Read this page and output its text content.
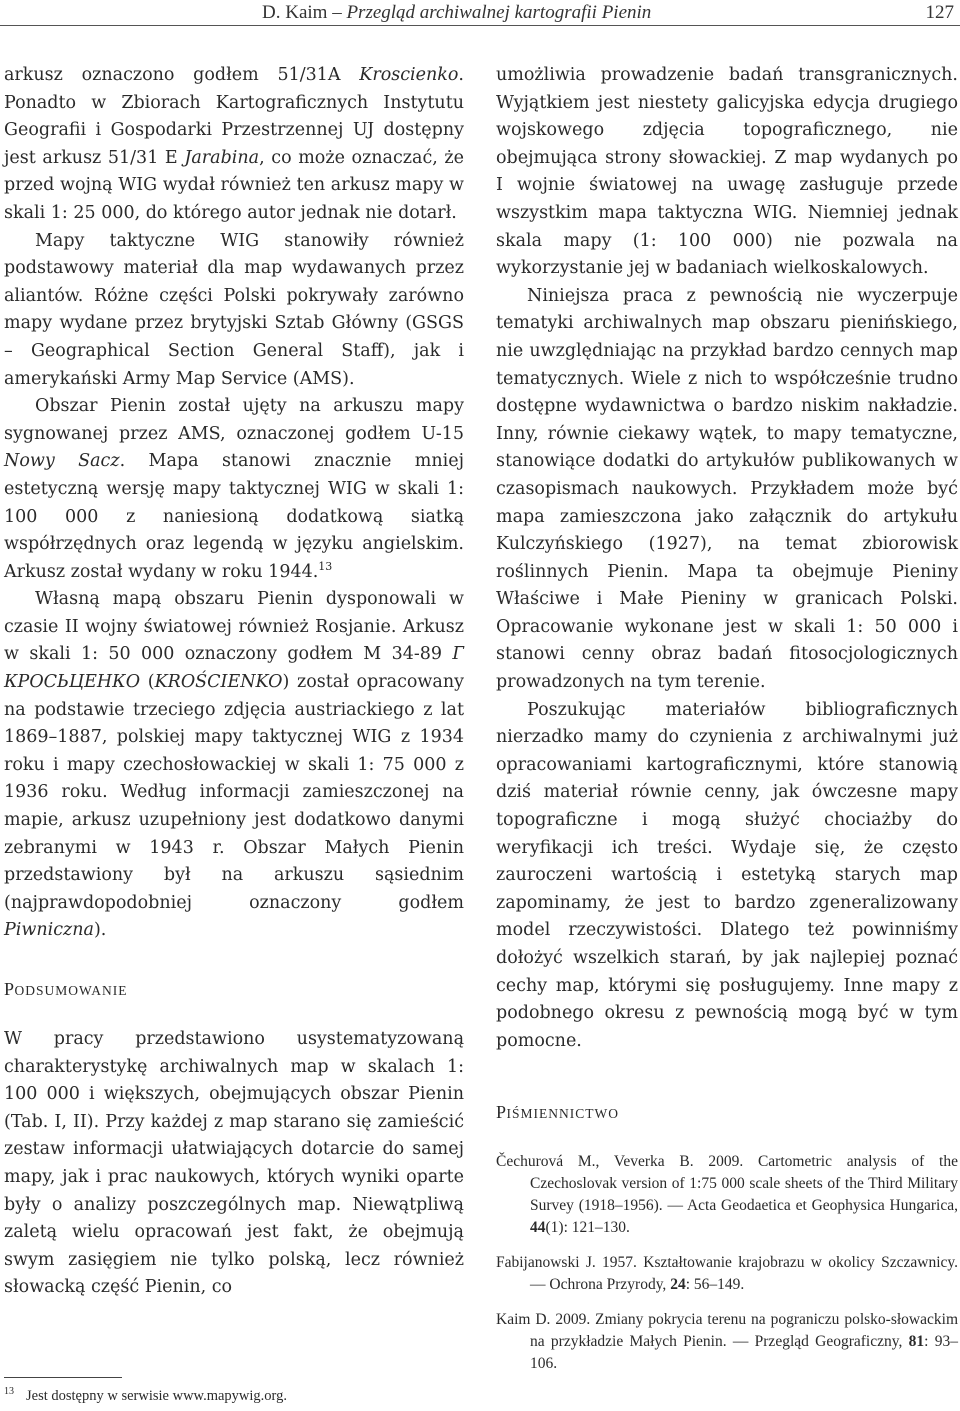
D. Kaim – Przegląd archiwalnej kartografii Pienin	127

arkusz oznaczono godłem 51/31A Kroscienko. Ponadto w Zbiorach Kartograficznych Instytutu Geografii i Gospodarki Przestrzennej UJ dostępny jest arkusz 51/31 E Jarabina, co może oznaczać, że przed wojną WIG wydał również ten arkusz mapy w skali 1: 25 000, do którego autor jednak nie dotarł.

Mapy taktyczne WIG stanowiły również podstawowy materiał dla map wydawanych przez aliantów. Różne części Polski pokrywały zarówno mapy wydane przez brytyjski Sztab Główny (GSGS – Geographical Section General Staff), jak i amerykański Army Map Service (AMS).

Obszar Pienin został ujęty na arkuszu mapy sygnowanej przez AMS, oznaczonej godłem U-15 Nowy Sacz. Mapa stanowi znacznie mniej estetyczną wersję mapy taktycznej WIG w skali 1: 100 000 z naniesioną dodatkową siatką współrzędnych oraz legendą w języku angielskim. Arkusz został wydany w roku 1944.13

Własną mapą obszaru Pienin dysponowali w czasie II wojny światowej również Rosjanie. Arkusz w skali 1: 50 000 oznaczony godłem M 34-89 Г КРОСЬЦЕНКО (KROŚCIENKO) został opracowany na podstawie trzeciego zdjęcia austriackiego z lat 1869–1887, polskiej mapy taktycznej WIG z 1934 roku i mapy czechosłowackiej w skali 1: 75 000 z 1936 roku. Według informacji zamieszczonej na mapie, arkusz uzupełniony jest dodatkowo danymi zebranymi w 1943 r. Obszar Małych Pienin przedstawiony był na arkuszu sąsiednim (najprawdopodobniej oznaczony godłem Piwniczna).

PODSUMOWANIE

W pracy przedstawiono usystematyzowaną charakterystykę archiwalnych map w skalach 1: 100 000 i większych, obejmujących obszar Pienin (Tab. I, II). Przy każdej z map starano się zamieścić zestaw informacji ułatwiających dotarcie do samej mapy, jak i prac naukowych, których wyniki oparte były o analizy poszczególnych map. Niewątpliwą zaletą wielu opracowań jest fakt, że obejmują swym zasięgiem nie tylko polską, lecz również słowacką część Pienin, co

$^{13}$ Jest dostępny w serwisie www.mapywig.org.

umożliwia prowadzenie badań transgranicznych. Wyjątkiem jest niestety galicyjska edycja drugiego wojskowego zdjęcia topograficznego, nie obejmująca strony słowackiej. Z map wydanych po I wojnie światowej na uwagę zasługuje przede wszystkim mapa taktyczna WIG. Niemniej jednak skala mapy (1: 100 000) nie pozwala na wykorzystanie jej w badaniach wielkoskalowych.

Niniejsza praca z pewnością nie wyczerpuje tematyki archiwalnych map obszaru pienińskiego, nie uwzględniając na przykład bardzo cennych map tematycznych. Wiele z nich to współcześnie trudno dostępne wydawnictwa o bardzo niskim nakładzie. Inny, równie ciekawy wątek, to mapy tematyczne, stanowiące dodatki do artykułów publikowanych w czasopismach naukowych. Przykładem może być mapa zamieszczona jako załącznik do artykułu Kulczyńskiego (1927), na temat zbiorowisk roślinnych Pienin. Mapa ta obejmuje Pieniny Właściwe i Małe Pieniny w granicach Polski. Opracowanie wykonane jest w skali 1: 50 000 i stanowi cenny obraz badań fitosocjologicznych prowadzonych na tym terenie.

Poszukując materiałów bibliograficznych nierzadko mamy do czynienia z archiwalnymi już opracowaniami kartograficznymi, które stanowią dziś materiał równie cenny, jak ówczesne mapy topograficzne i mogą służyć chociażby do weryfikacji ich treści. Wydaje się, że często zauroczeni wartością i estetyką starych map zapominamy, że jest to bardzo zgeneralizowany model rzeczywistości. Dlatego też powinniśmy dołożyć wszelkich starań, by jak najlepiej poznać cechy map, którymi się posługujemy. Inne mapy z podobnego okresu z pewnością mogą być w tym pomocne.

PIŚMIENNICTWO
Čechurová M., Veverka B. 2009. Cartometric analysis of the Czechoslovak version of 1:75 000 scale sheets of the Third Military Survey (1918–1956). — Acta Geodaetica et Geophysica Hungarica, 44(1): 121–130.
Fabijanowski J. 1957. Kształtowanie krajobrazu w okolicy Szczawnicy. — Ochrona Przyrody, 24: 56–149.
Kaim D. 2009. Zmiany pokrycia terenu na pograniczu polsko-słowackim na przykładzie Małych Pienin. — Przegląd Geograficzny, 81: 93–106.
